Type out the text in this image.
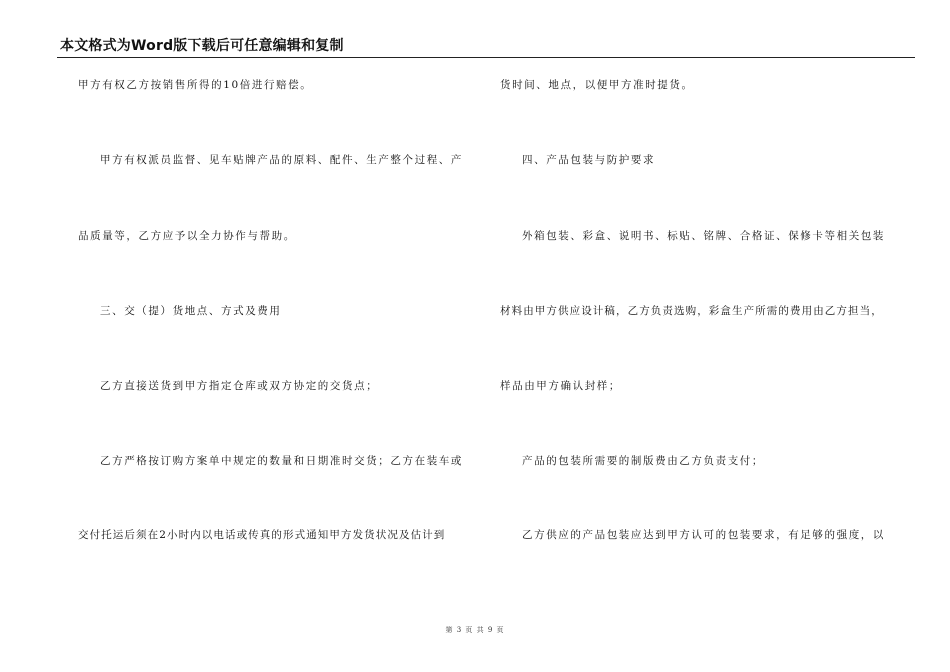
本文格式为Word版下载后可任意编辑和复制
甲方有权乙方按销售所得的10倍进行赔偿。
甲方有权派员监督、见车贴牌产品的原料、配件、生产整个过程、产
品质量等，乙方应予以全力协作与帮助。
三、交（提）货地点、方式及费用
乙方直接送货到甲方指定仓库或双方协定的交货点；
乙方严格按订购方案单中规定的数量和日期准时交货；乙方在装车或
交付托运后须在2小时内以电话或传真的形式通知甲方发货状况及估计到
货时间、地点，以便甲方准时提货。
四、产品包装与防护要求
外箱包装、彩盒、说明书、标贴、铭牌、合格证、保修卡等相关包装
材料由甲方供应设计稿，乙方负责选购，彩盒生产所需的费用由乙方担当，
样品由甲方确认封样；
产品的包装所需要的制版费由乙方负责支付；
乙方供应的产品包装应达到甲方认可的包装要求，有足够的强度，以
第 3 页 共 9 页
